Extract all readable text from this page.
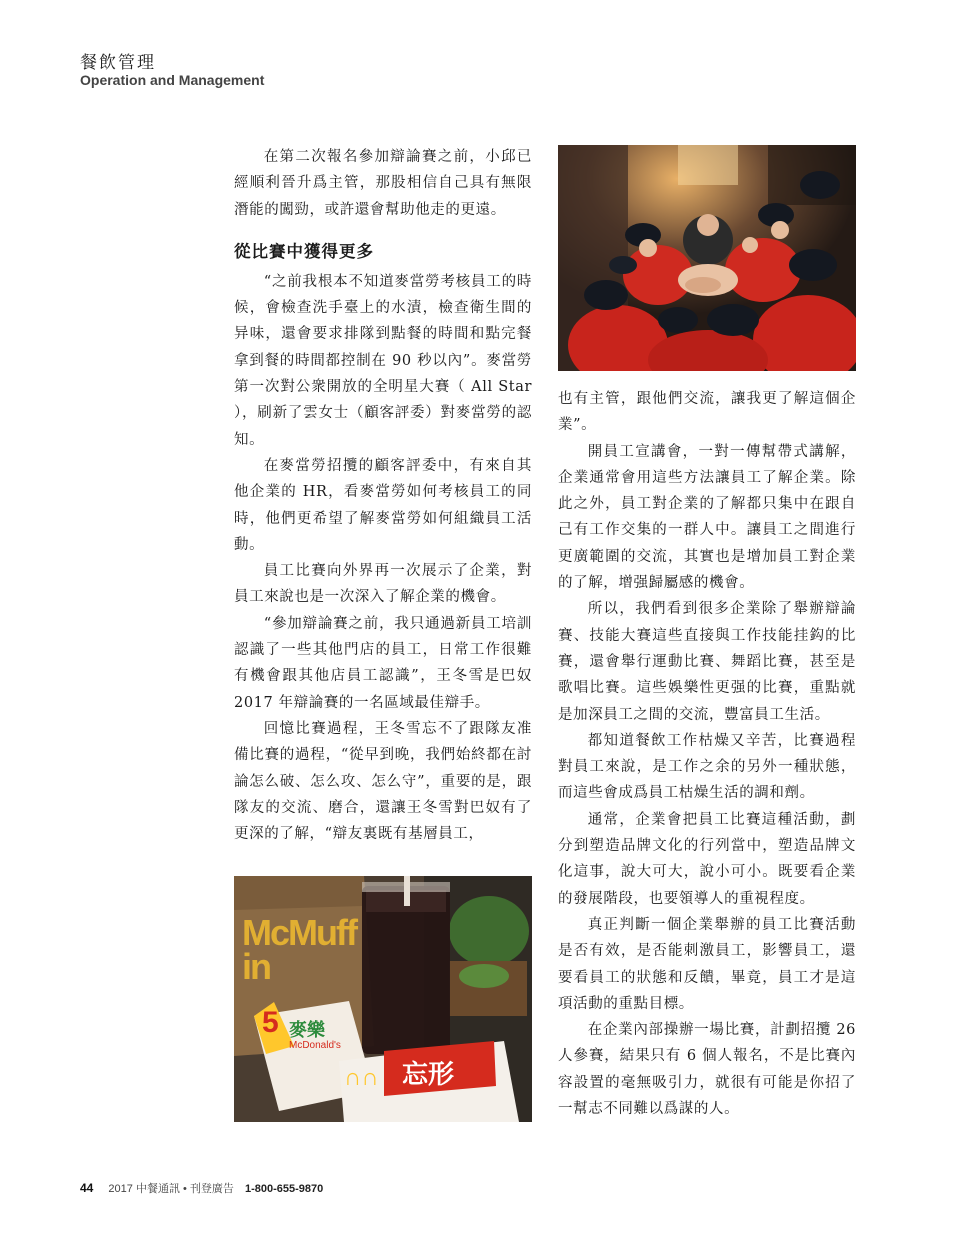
餐飲管理
Operation and Management

在第二次報名參加辯論賽之前，小邱已經順利晉升爲主管，那股相信自己具有無限潛能的闖勁，或許還會幫助他走的更遠。

從比賽中獲得更多

“之前我根本不知道麥當勞考核員工的時候，會檢查洗手臺上的水漬，檢查衛生間的异味，還會要求排隊到點餐的時間和點完餐拿到餐的時間都控制在 90 秒以內”。麥當勞第一次對公衆開放的全明星大賽（ All Star ），刷新了雲女士（顧客評委）對麥當勞的認知。

在麥當勞招攬的顧客評委中，有來自其他企業的 HR，看麥當勞如何考核員工的同時，他們更希望了解麥當勞如何組織員工活動。

員工比賽向外界再一次展示了企業，對員工來說也是一次深入了解企業的機會。

“參加辯論賽之前，我只通過新員工培訓認識了一些其他門店的員工，日常工作很難有機會跟其他店員工認識”，王冬雪是巴奴 2017 年辯論賽的一名區域最佳辯手。

回憶比賽過程，王冬雪忘不了跟隊友准備比賽的過程，“從早到晚，我們始終都在討論怎么破、怎么攻、怎么守”，重要的是，跟隊友的交流、磨合，還讓王冬雪對巴奴有了更深的了解，“辯友裏既有基層員工，

也有主管，跟他們交流，讓我更了解這個企業”。

開員工宣講會，一對一傳幫帶式講解，企業通常會用這些方法讓員工了解企業。除此之外，員工對企業的了解都只集中在跟自己有工作交集的一群人中。讓員工之間進行更廣範圍的交流，其實也是增加員工對企業的了解，增强歸屬感的機會。

所以，我們看到很多企業除了舉辦辯論賽、技能大賽這些直接與工作技能挂鈎的比賽，還會舉行運動比賽、舞蹈比賽，甚至是歌唱比賽。這些娛樂性更强的比賽，重點就是加深員工之間的交流，豐富員工生活。

都知道餐飲工作枯燥又辛苦，比賽過程對員工來說，是工作之余的另外一種狀態，而這些會成爲員工枯燥生活的調和劑。

通常，企業會把員工比賽這種活動，劃分到塑造品牌文化的行列當中，塑造品牌文化這事，說大可大，說小可小。既要看企業的發展階段，也要領導人的重視程度。

真正判斷一個企業舉辦的員工比賽活動是否有效，是否能刺激員工，影響員工，還要看員工的狀態和反饋，畢竟，員工才是這項活動的重點目標。

在企業內部操辦一場比賽，計劃招攬 26 人參賽，結果只有 6 個人報名，不是比賽內容設置的毫無吸引力，就很有可能是你招了一幫志不同難以爲謀的人。

McMuffin
5 麥樂
McDonald's
∩∩ 忘形
44 2017 中餐通訊 • 刊登廣告 1-800-655-9870
